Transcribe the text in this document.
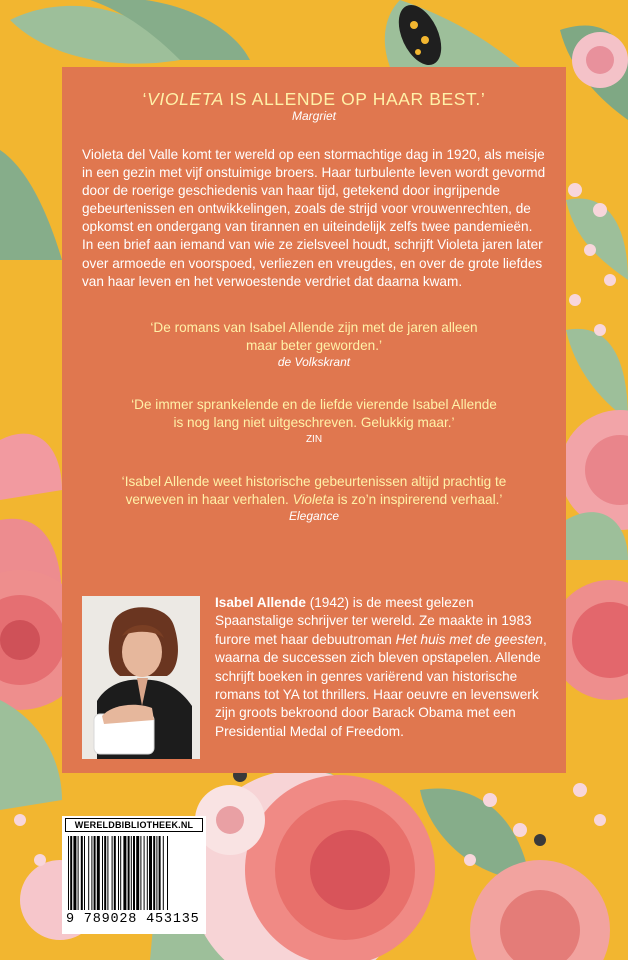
‘VIOLETA IS ALLENDE OP HAAR BEST.’
Margriet
Violeta del Valle komt ter wereld op een stormachtige dag in 1920, als meisje in een gezin met vijf onstuimige broers. Haar turbulente leven wordt gevormd door de roerige geschiedenis van haar tijd, getekend door ingrijpende gebeurtenissen en ontwikkelingen, zoals de strijd voor vrouwenrechten, de opkomst en ondergang van tirannen en uiteindelijk zelfs twee pandemieën. In een brief aan iemand van wie ze zielsveel houdt, schrijft Violeta jaren later over armoede en voorspoed, verliezen en vreugdes, en over de grote liefdes van haar leven en het verwoestende verdriet dat daarna kwam.
‘De romans van Isabel Allende zijn met de jaren alleen
maar beter geworden.’
de Volkskrant
‘De immer sprankelende en de liefde vierende Isabel Allende
is nog lang niet uitgeschreven. Gelukkig maar.’
ZIN
‘Isabel Allende weet historische gebeurtenissen altijd prachtig te
verweven in haar verhalen. Violeta is zo’n inspirerend verhaal.’
Elegance
Isabel Allende (1942) is de meest gelezen Spaanstalige schrijver ter wereld. Ze maakte in 1983 furore met haar debuutroman Het huis met de geesten, waarna de successen zich bleven opstapelen. Allende schrijft boeken in genres variërend van historische romans tot YA tot thrillers. Haar oeuvre en levenswerk zijn groots bekroond door Barack Obama met een Presidential Medal of Freedom.
WERELDBIBLIOTHEEK.NL
9 789028 453135
